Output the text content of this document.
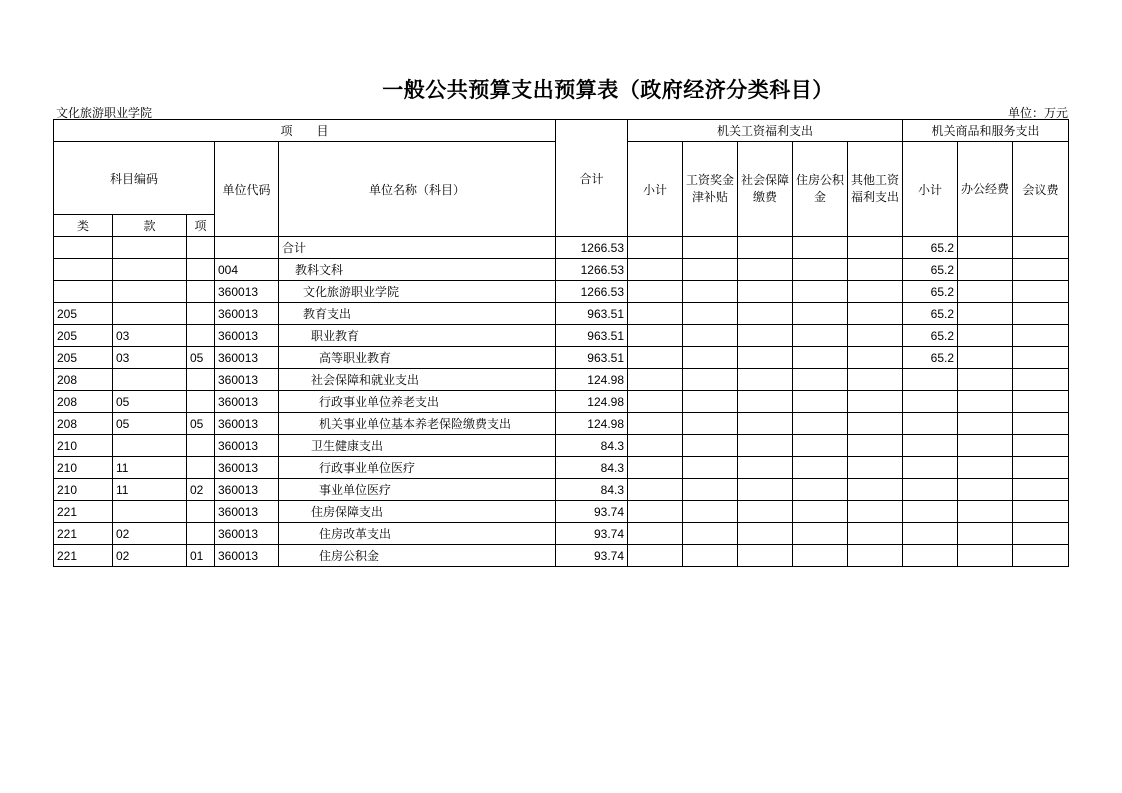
一般公共预算支出预算表（政府经济分类科目）
文化旅游职业学院	单位：万元
项　　目					合计	机关工资福利支出					机关商品和服务支出		
科目编码			单位代码	单位名称（科目）		小计	工资奖金津补贴	社会保障缴费	住房公积金	其他工资福利支出	小计	办公经费	会议费
类	款	项											
				合计	1266.53						65.2		
			004	教科文科	1266.53						65.2		
			360013	文化旅游职业学院	1266.53						65.2		
205			360013	教育支出	963.51						65.2		
205	03		360013	职业教育	963.51						65.2		
205	03	05	360013	高等职业教育	963.51						65.2		
208			360013	社会保障和就业支出	124.98								
208	05		360013	行政事业单位养老支出	124.98								
208	05	05	360013	机关事业单位基本养老保险缴费支出	124.98								
210			360013	卫生健康支出	84.3								
210	11		360013	行政事业单位医疗	84.3								
210	11	02	360013	事业单位医疗	84.3								
221			360013	住房保障支出	93.74								
221	02		360013	住房改革支出	93.74								
221	02	01	360013	住房公积金	93.74								
